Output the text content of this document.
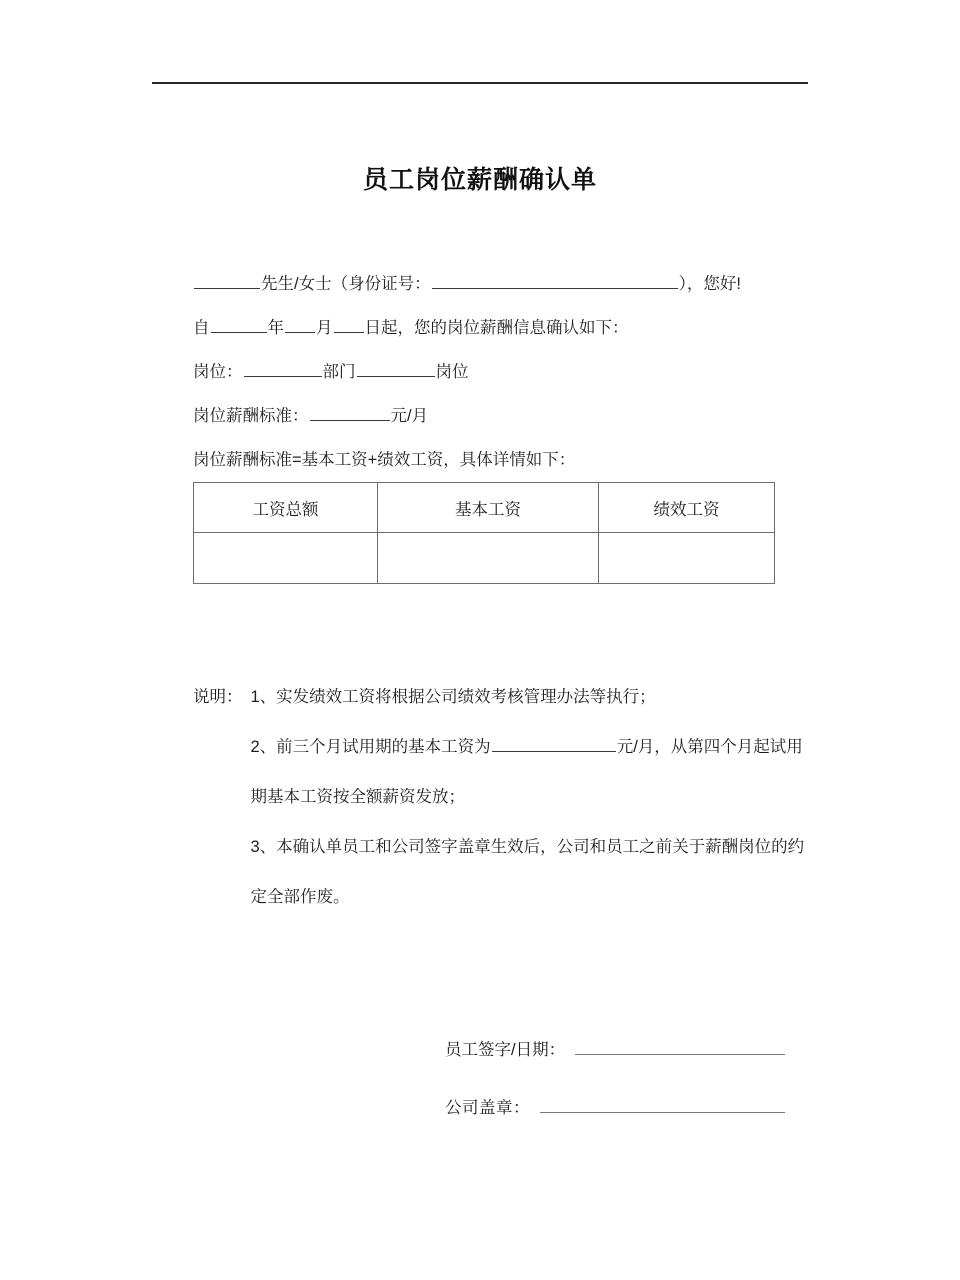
员工岗位薪酬确认单
先生/女士（身份证号：	），您好!
自	年 月 日起，您的岗位薪酬信息确认如下：
岗位：	部门	岗位
岗位薪酬标准：	元/月
岗位薪酬标准=基本工资+绩效工资，具体详情如下：
工资总额	基本工资	绩效工资

说明： 1、实发绩效工资将根据公司绩效考核管理办法等执行；
2、前三个月试用期的基本工资为	元/月，从第四个月起试用期基本工资按全额薪资发放；
3、本确认单员工和公司签字盖章生效后，公司和员工之前关于薪酬岗位的约定全部作废。
员工签字/日期：
公司盖章：
